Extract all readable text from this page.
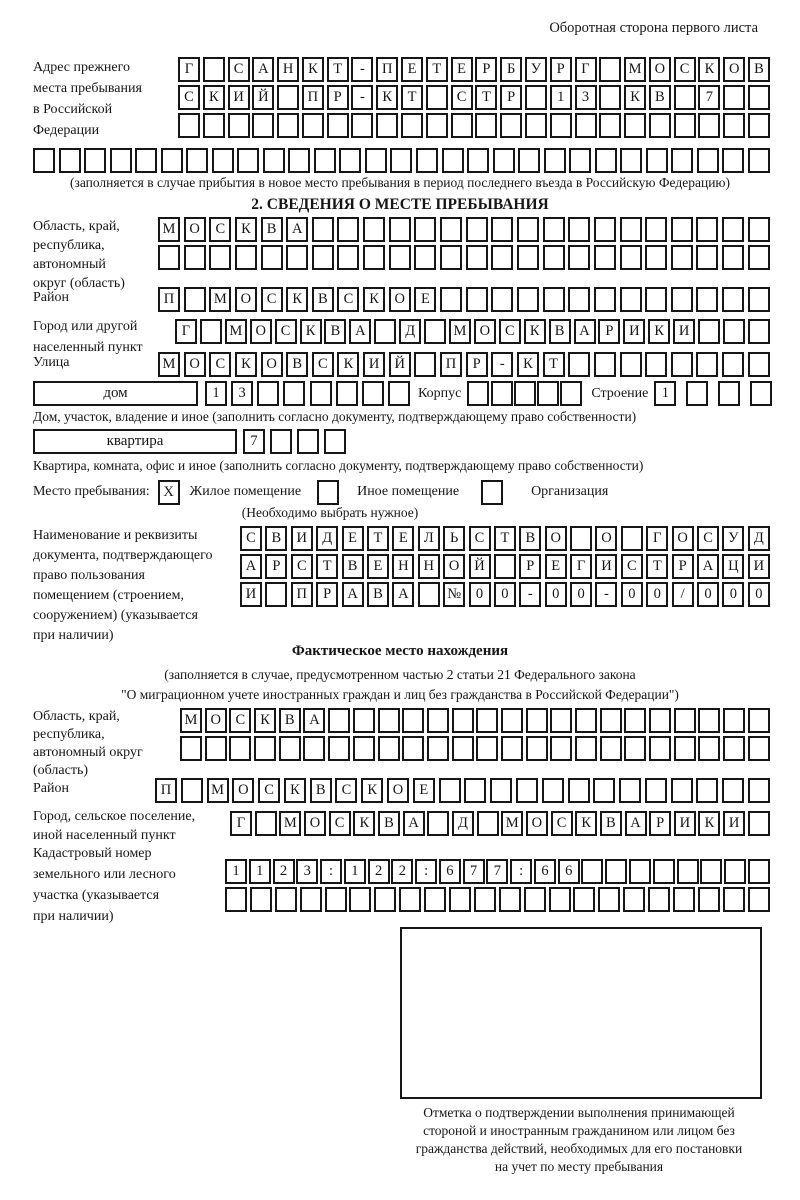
Оборотная сторона первого листа
Адрес прежнего
места пребывания
в Российской
Федерации
Г	С	А Н	К	Т	-	П	Е	Т	Е	Р	Б	У	Р	Г	М О	С	К	О	В
С	К	И Й	П	Р	-	К	Т	С	Т	Р	1	3	К	В	7
(заполняется в случае прибытия в новое место пребывания в период последнего въезда в Российскую Федерацию)
2. СВЕДЕНИЯ О МЕСТЕ ПРЕБЫВАНИЯ
Область, край,
республика,
автономный
округ (область)
М О	С	К	В	А
Район	П	М О	С	К	В	С	К	О	Е
Город или другой
населенный пункт
Г	М О	С	К	В	А	Д	М О	С	К	В	А	Р	И	К	И
Улица	М О	С	К	О	В	С	К	И	Й	П	Р	-	К	Т
дом	1	3	Корпус	Строение 1
Дом, участок, владение и иное (заполнить согласно документу, подтверждающему право собственности)
квартира	7
Квартира, комната, офис и иное (заполнить согласно документу, подтверждающему право собственности)
Место пребывания: X	Жилое помещение	Иное помещение	Организация
(Необходимо выбрать нужное)
Наименование и реквизиты
документа, подтверждающего
право пользования
помещением (строением,
сооружением) (указывается
при наличии)
С	В	И	Д	Е	Т	Е	Л	Ь	С	Т	В	О	О	Г	О	С	У	Д
А	Р	С	Т	В	Е	Н	Н	О	Й	Р	Е	Г	И	С	Т	Р	А	Ц	И
И	П	Р	А	В	А	№	0	0	-	0	0	-	0	0	/	0	0	0
Фактическое место нахождения
(заполняется в случае, предусмотренном частью 2 статьи 21 Федерального закона
"О миграционном учете иностранных граждан и лиц без гражданства в Российской Федерации")
Область, край,
республика,
автономный округ
(область)
М О	С	К	В	А
Район	П	М О	С	К	В	С	К	О	Е
Город, сельское поселение,
иной населенный пункт
Г	М О	С	К	В	А	Д	М О	С	К	В	А	Р	И	К	И
Кадастровый номер
земельного или лесного
участка (указывается
при наличии)
1	1	2	3	:	1	2	2	:	6	7	7	:	6	6
Отметка о подтверждении выполнения принимающей
стороной и иностранным гражданином или лицом без
гражданства действий, необходимых для его постановки
на учет по месту пребывания
